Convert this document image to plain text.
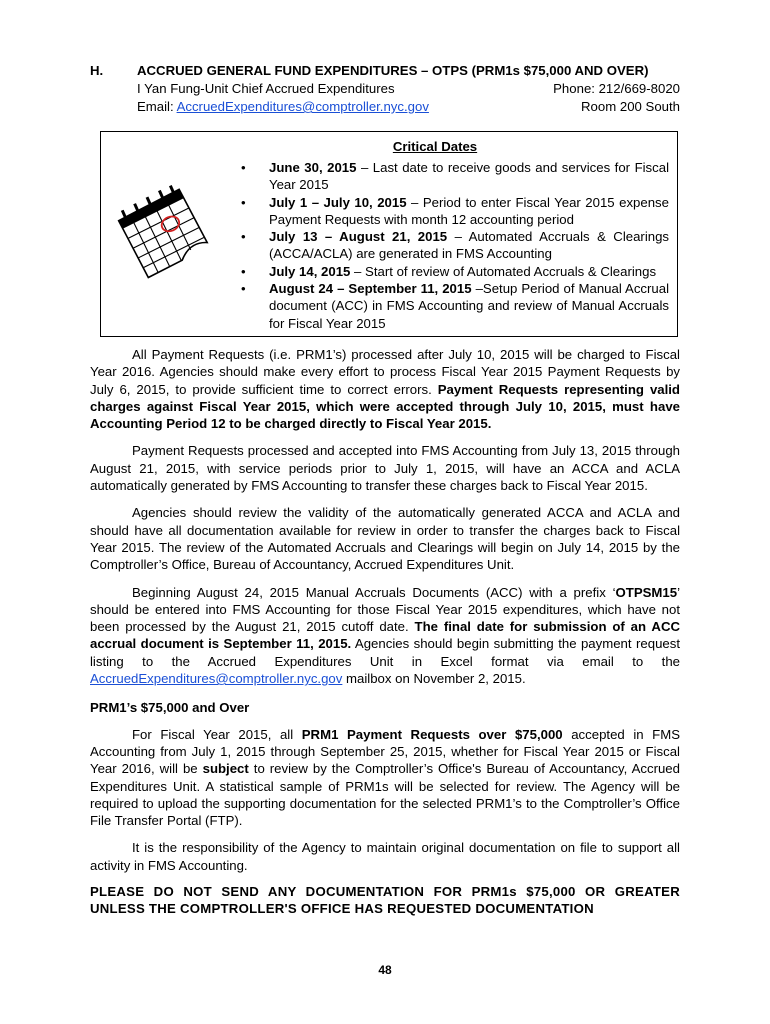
H.	ACCRUED GENERAL FUND EXPENDITURES – OTPS (PRM1s $75,000 AND OVER)
I Yan Fung-Unit Chief Accrued Expenditures	Phone: 212/669-8020
Email: AccruedExpenditures@comptroller.nyc.gov	Room 200 South
Critical Dates
• June 30, 2015 – Last date to receive goods and services for Fiscal Year 2015
• July 1 – July 10, 2015 – Period to enter Fiscal Year 2015 expense Payment Requests with month 12 accounting period
• July 13 – August 21, 2015 – Automated Accruals & Clearings (ACCA/ACLA) are generated in FMS Accounting
• July 14, 2015 – Start of review of Automated Accruals & Clearings
• August 24 – September 11, 2015 –Setup Period of Manual Accrual document (ACC) in FMS Accounting and review of Manual Accruals for Fiscal Year 2015

All Payment Requests (i.e. PRM1’s) processed after July 10, 2015 will be charged to Fiscal Year 2016. Agencies should make every effort to process Fiscal Year 2015 Payment Requests by July 6, 2015, to provide sufficient time to correct errors. Payment Requests representing valid charges against Fiscal Year 2015, which were accepted through July 10, 2015, must have Accounting Period 12 to be charged directly to Fiscal Year 2015.

Payment Requests processed and accepted into FMS Accounting from July 13, 2015 through August 21, 2015, with service periods prior to July 1, 2015, will have an ACCA and ACLA automatically generated by FMS Accounting to transfer these charges back to Fiscal Year 2015.

Agencies should review the validity of the automatically generated ACCA and ACLA and should have all documentation available for review in order to transfer the charges back to Fiscal Year 2015. The review of the Automated Accruals and Clearings will begin on July 14, 2015 by the Comptroller’s Office, Bureau of Accountancy, Accrued Expenditures Unit.

Beginning August 24, 2015 Manual Accruals Documents (ACC) with a prefix ‘OTPSM15’ should be entered into FMS Accounting for those Fiscal Year 2015 expenditures, which have not been processed by the August 21, 2015 cutoff date. The final date for submission of an ACC accrual document is September 11, 2015. Agencies should begin submitting the payment request listing to the Accrued Expenditures Unit in Excel format via email to the AccruedExpenditures@comptroller.nyc.gov mailbox on November 2, 2015.

PRM1’s $75,000 and Over

For Fiscal Year 2015, all PRM1 Payment Requests over $75,000 accepted in FMS Accounting from July 1, 2015 through September 25, 2015, whether for Fiscal Year 2015 or Fiscal Year 2016, will be subject to review by the Comptroller’s Office's Bureau of Accountancy, Accrued Expenditures Unit. A statistical sample of PRM1s will be selected for review. The Agency will be required to upload the supporting documentation for the selected PRM1’s to the Comptroller’s Office File Transfer Portal (FTP).

It is the responsibility of the Agency to maintain original documentation on file to support all activity in FMS Accounting.

PLEASE DO NOT SEND ANY DOCUMENTATION FOR PRM1s $75,000 OR GREATER UNLESS THE COMPTROLLER'S OFFICE HAS REQUESTED DOCUMENTATION

48
